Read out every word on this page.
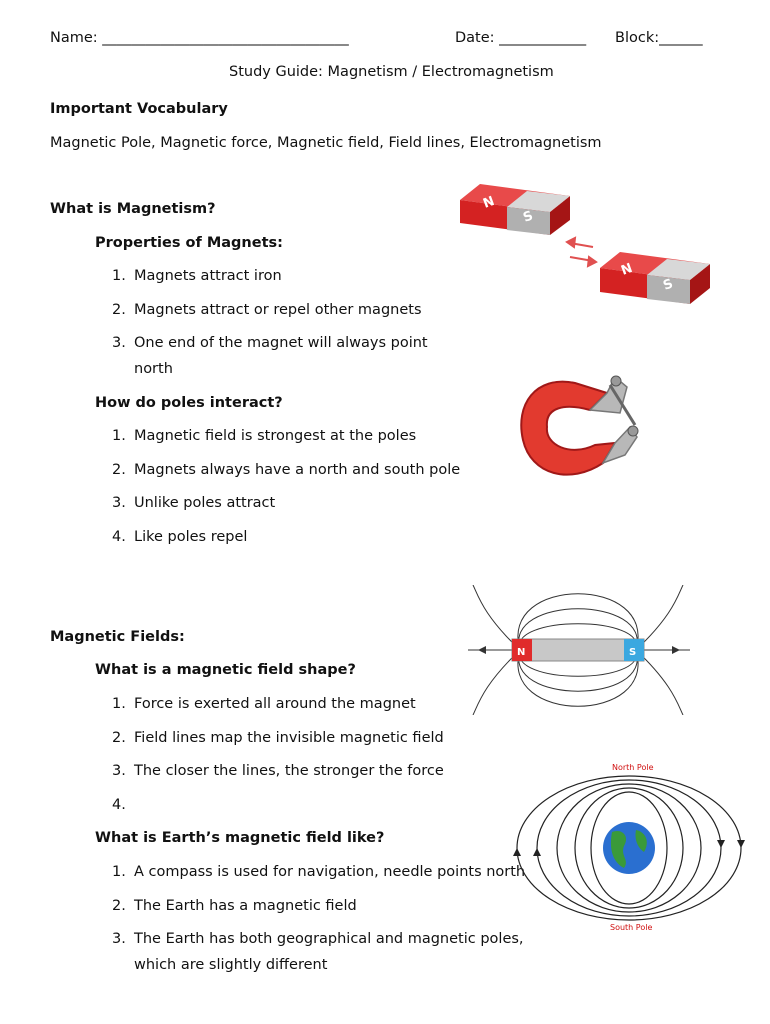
Name: __________________________________	Date: ____________ Block:______
Study Guide: Magnetism / Electromagnetism
Important Vocabulary
Magnetic Pole, Magnetic force, Magnetic field, Field lines, Electromagnetism
What is Magnetism?
Properties of Magnets:
1. Magnets attract iron
2. Magnets attract or repel other magnets
3. One end of the magnet will always point
north
How do poles interact?
1. Magnetic field is strongest at the poles
2. Magnets always have a north and south pole
3. Unlike poles attract
4. Like poles repel
Magnetic Fields:
What is a magnetic field shape?
1. Force is exerted all around the magnet
2. Field lines map the invisible magnetic field
3. The closer the lines, the stronger the force
4.
What is Earth’s magnetic field like?
1. A compass is used for navigation, needle points north
2. The Earth has a magnetic field
3. The Earth has both geographical and magnetic poles,
which are slightly different
N
S
N
S
N	S
North Pole
South Pole
